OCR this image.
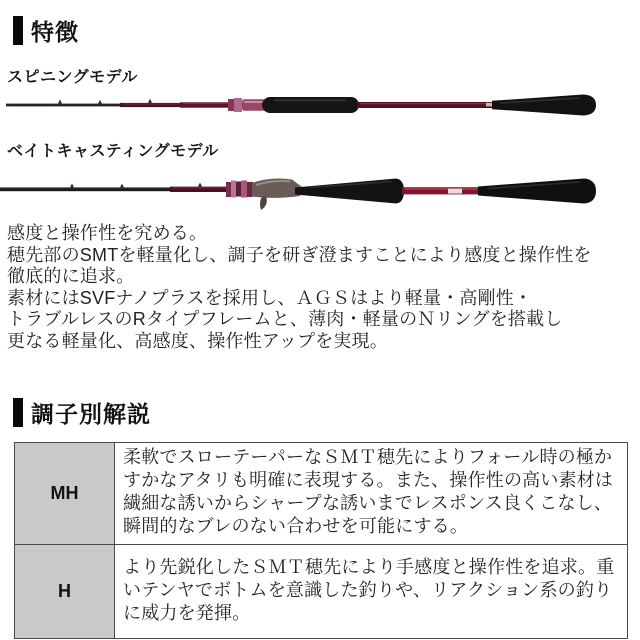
特徴
スピニングモデル
ベイトキャスティングモデル
感度と操作性を究める。
穂先部のSMTを軽量化し、調子を研ぎ澄ますことにより感度と操作性を
徹底的に追求。
素材にはSVFナノプラスを採用し、ＡＧＳはより軽量・高剛性・
トラブルレスのRタイプフレームと、薄肉・軽量のＮリングを搭載し
更なる軽量化、高感度、操作性アップを実現。
調子別解説
MH	柔軟でスローテーパーなＳＭＴ穂先によりフォール時の極かすかなアタリも明確に表現する。また、操作性の高い素材は繊細な誘いからシャープな誘いまでレスポンス良くこなし、瞬間的なブレのない合わせを可能にする。
H	より先鋭化したＳＭＴ穂先により手感度と操作性を追求。重いテンヤでボトムを意識した釣りや、リアクション系の釣りに威力を発揮。
